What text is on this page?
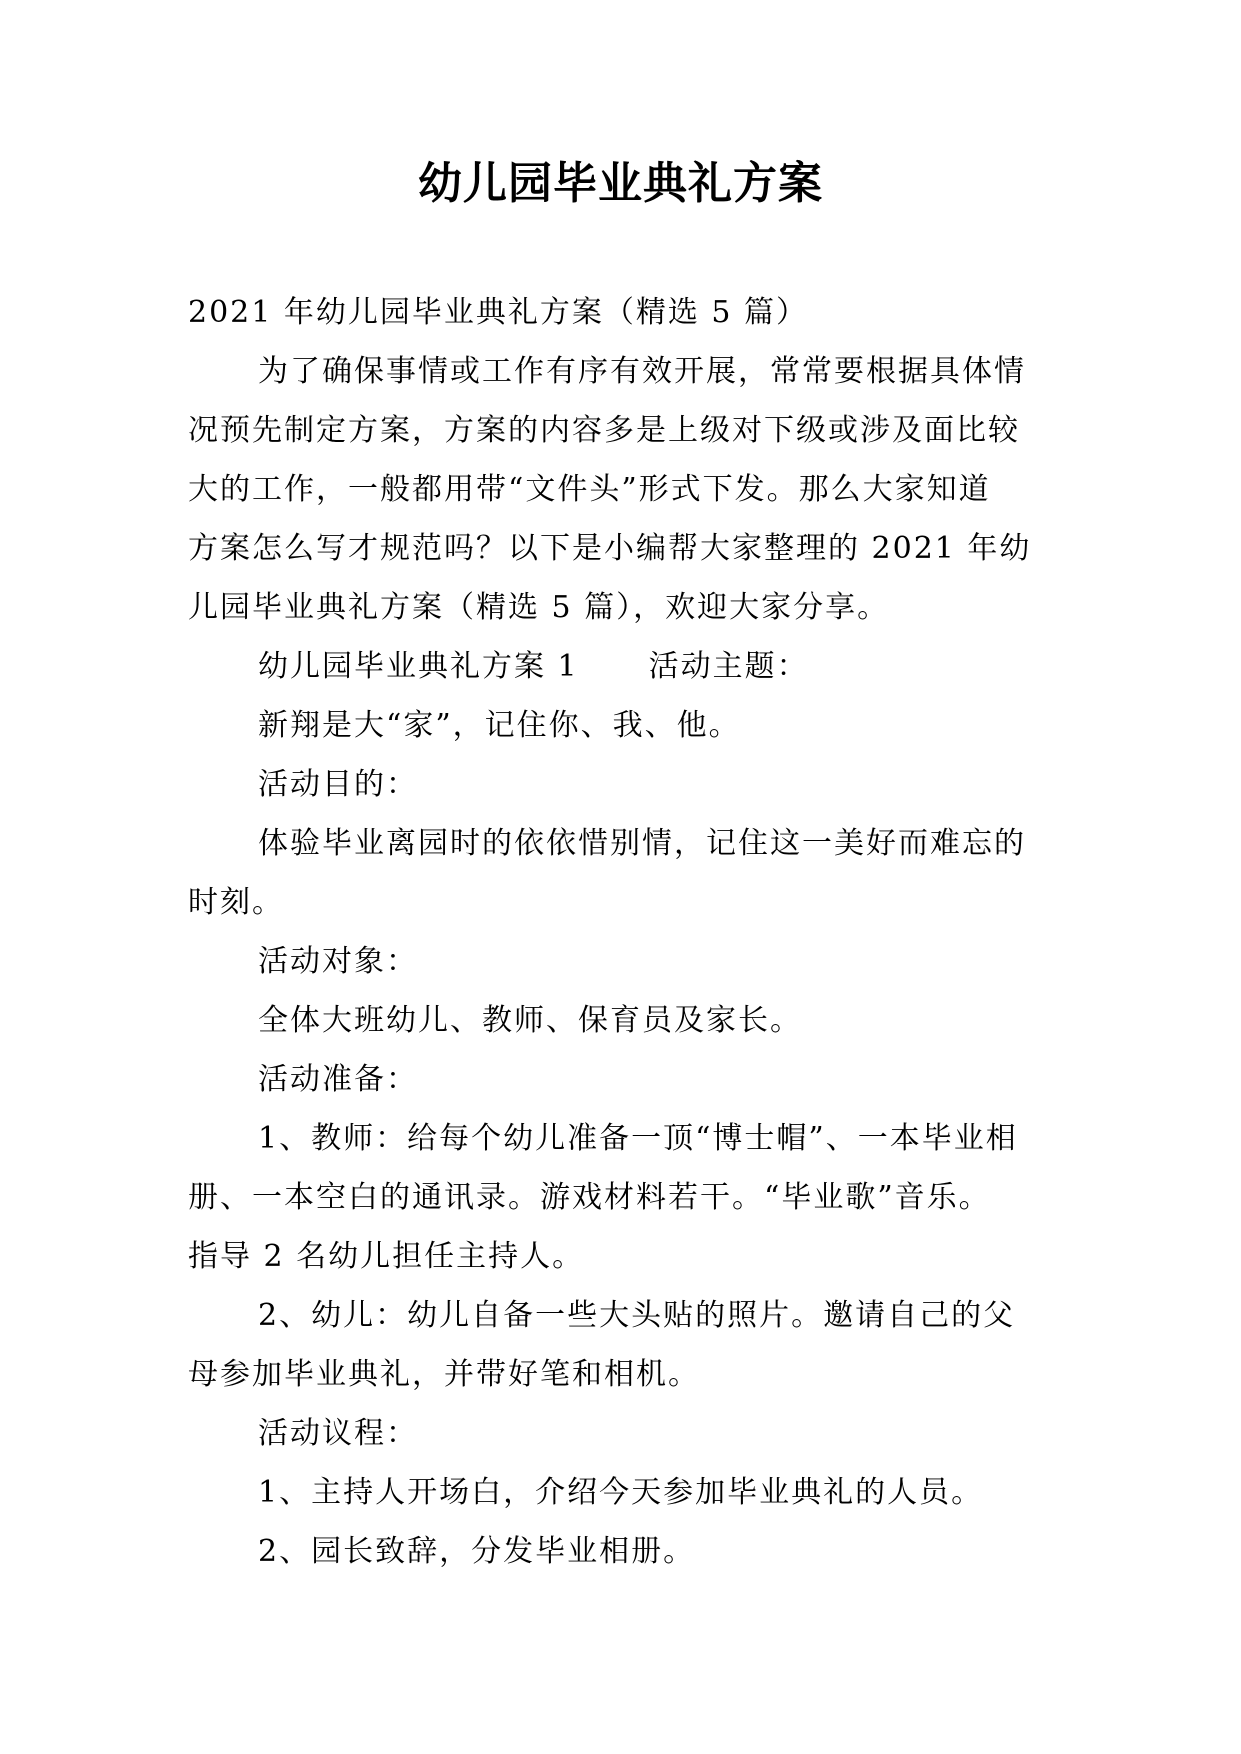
幼儿园毕业典礼方案

2021 年幼儿园毕业典礼方案（精选 5 篇）

为了确保事情或工作有序有效开展，常常要根据具体情

况预先制定方案，方案的内容多是上级对下级或涉及面比较

大的工作，一般都用带“文件头”形式下发。那么大家知道

方案怎么写才规范吗？以下是小编帮大家整理的 2021 年幼

儿园毕业典礼方案（精选 5 篇），欢迎大家分享。

幼儿园毕业典礼方案 1 活动主题：

新翔是大“家”，记住你、我、他。

活动目的：

体验毕业离园时的依依惜别情，记住这一美好而难忘的

时刻。

活动对象：

全体大班幼儿、教师、保育员及家长。

活动准备：

1、教师：给每个幼儿准备一顶“博士帽”、一本毕业相

册、一本空白的通讯录。游戏材料若干。“毕业歌”音乐。

指导 2 名幼儿担任主持人。

2、幼儿：幼儿自备一些大头贴的照片。邀请自己的父

母参加毕业典礼，并带好笔和相机。

活动议程：

1、主持人开场白，介绍今天参加毕业典礼的人员。

2、园长致辞，分发毕业相册。
